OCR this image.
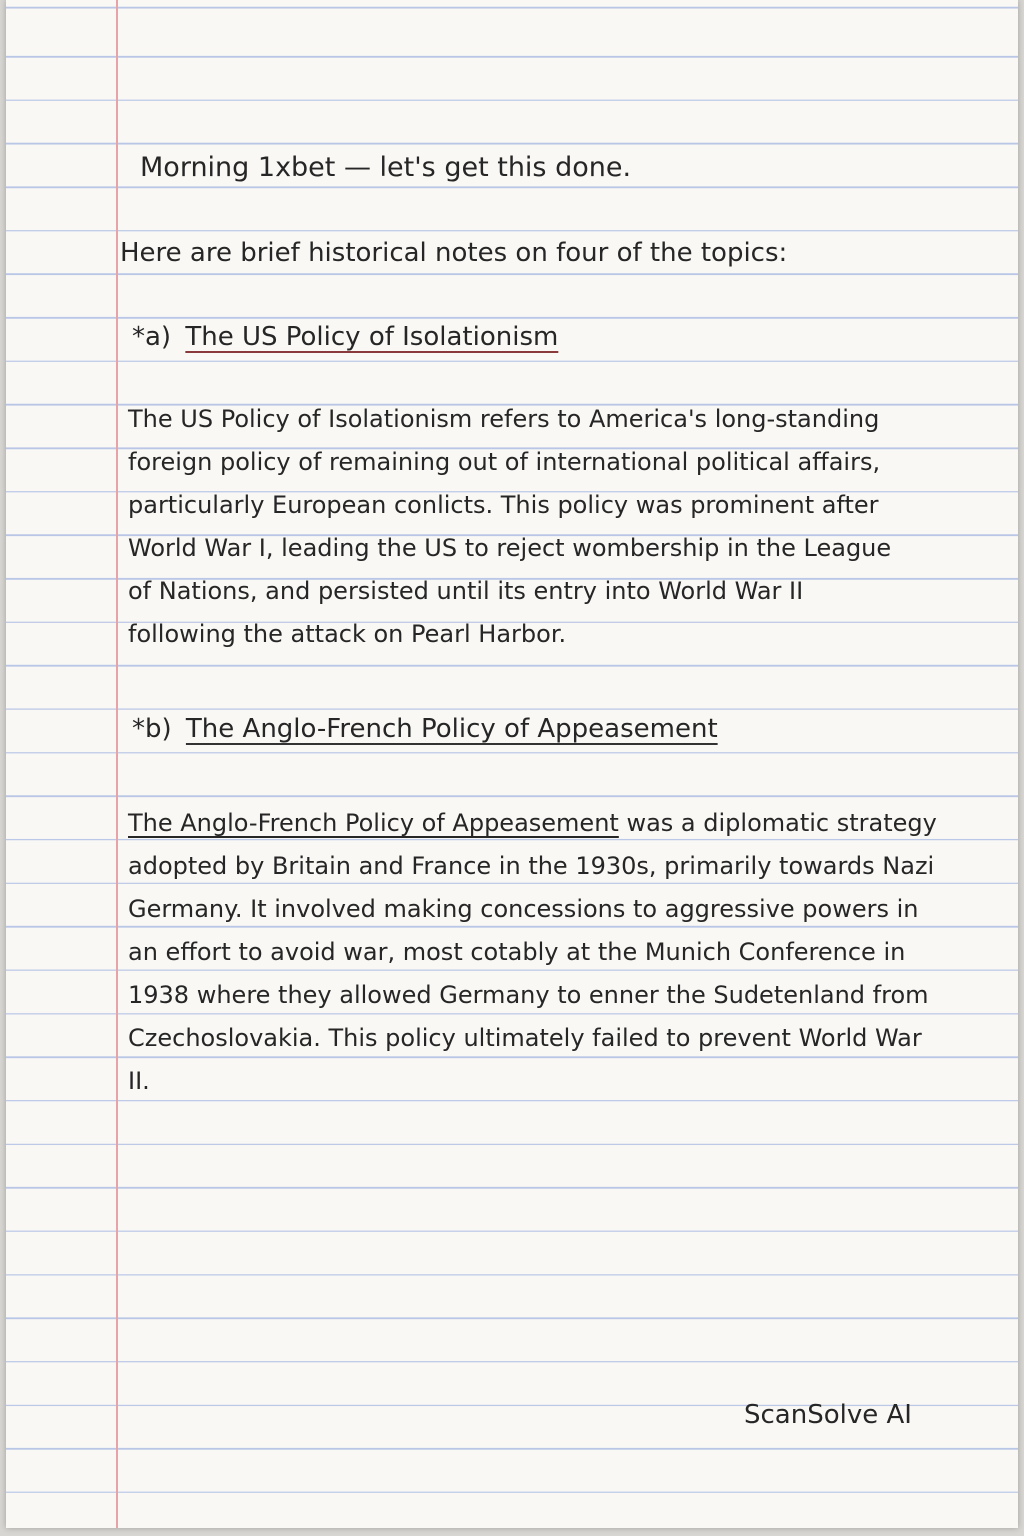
Morning 1xbet — let's get this done.
Here are brief historical notes on four of the topics:
*a) The US Policy of Isolationism
The US Policy of Isolationism refers to America's long-standing
foreign policy of remaining out of international political affairs,
particularly European conlicts. This policy was prominent after
World War I, leading the US to reject wombership in the League
of Nations, and persisted until its entry into World War II
following the attack on Pearl Harbor.
*b) The Anglo-French Policy of Appeasement
The Anglo-French Policy of Appeasement was a diplomatic strategy
adopted by Britain and France in the 1930s, primarily towards Nazi
Germany. It involved making concessions to aggressive powers in
an effort to avoid war, most cotably at the Munich Conference in
1938 where they allowed Germany to enner the Sudetenland from
Czechoslovakia. This policy ultimately failed to prevent World War
II.
ScanSolve AI
